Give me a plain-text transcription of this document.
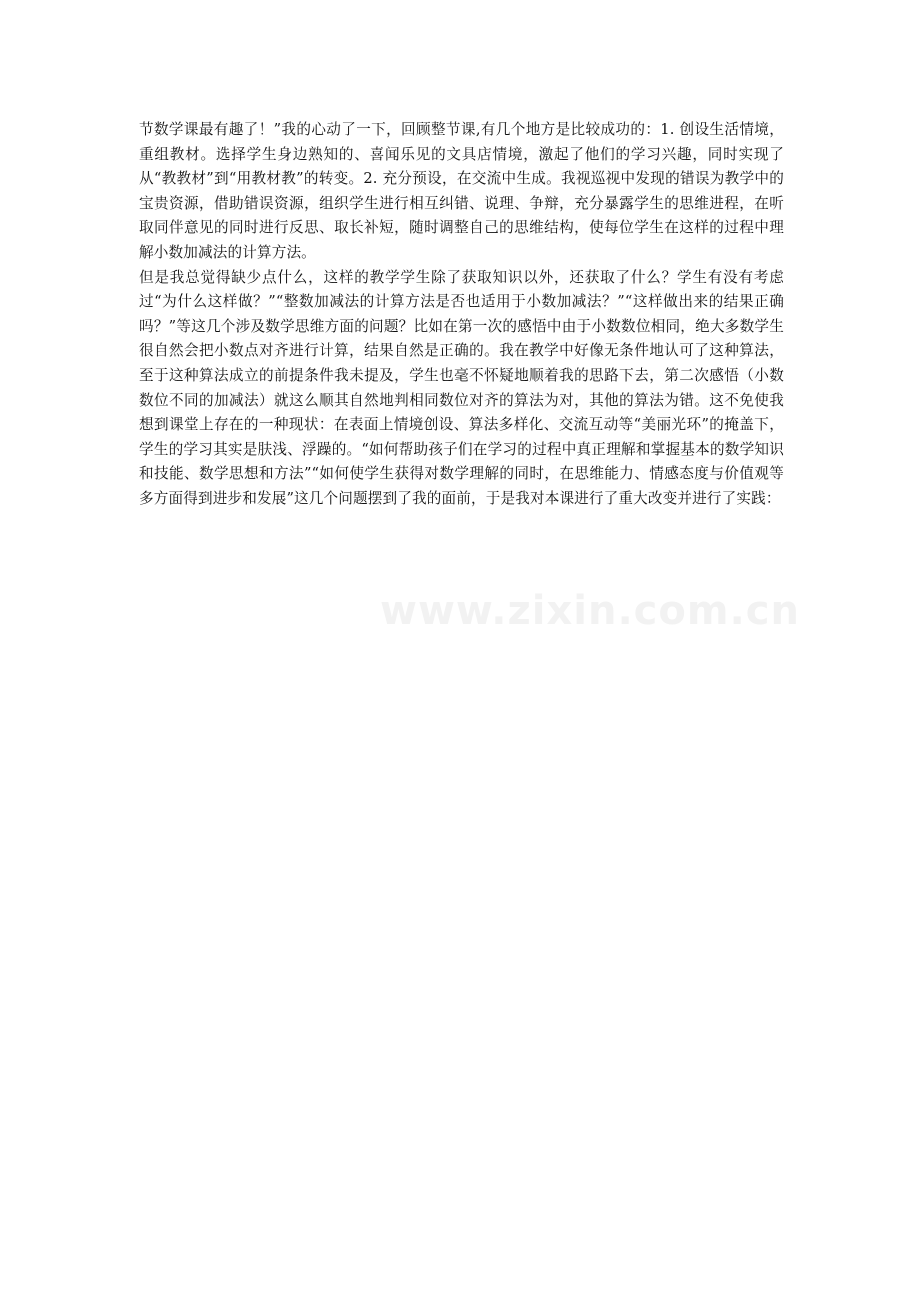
节数学课最有趣了！”我的心动了一下，回顾整节课,有几个地方是比较成功的：1. 创设生活情境，重组教材。选择学生身边熟知的、喜闻乐见的文具店情境，激起了他们的学习兴趣，同时实现了从“教教材”到“用教材教”的转变。2. 充分预设，在交流中生成。我视巡视中发现的错误为教学中的宝贵资源，借助错误资源，组织学生进行相互纠错、说理、争辩，充分暴露学生的思维进程，在听取同伴意见的同时进行反思、取长补短，随时调整自己的思维结构，使每位学生在这样的过程中理解小数加减法的计算方法。

但是我总觉得缺少点什么，这样的教学学生除了获取知识以外，还获取了什么？学生有没有考虑过“为什么这样做？”“整数加减法的计算方法是否也适用于小数加减法？”“这样做出来的结果正确吗？”等这几个涉及数学思维方面的问题？比如在第一次的感悟中由于小数数位相同，绝大多数学生很自然会把小数点对齐进行计算，结果自然是正确的。我在教学中好像无条件地认可了这种算法，至于这种算法成立的前提条件我未提及，学生也毫不怀疑地顺着我的思路下去，第二次感悟（小数数位不同的加减法）就这么顺其自然地判相同数位对齐的算法为对，其他的算法为错。这不免使我想到课堂上存在的一种现状：在表面上情境创设、算法多样化、交流互动等“美丽光环”的掩盖下，学生的学习其实是肤浅、浮躁的。“如何帮助孩子们在学习的过程中真正理解和掌握基本的数学知识和技能、数学思想和方法”“如何使学生获得对数学理解的同时，在思维能力、情感态度与价值观等多方面得到进步和发展”这几个问题摆到了我的面前，于是我对本课进行了重大改变并进行了实践：

www.zixin.com.cn
